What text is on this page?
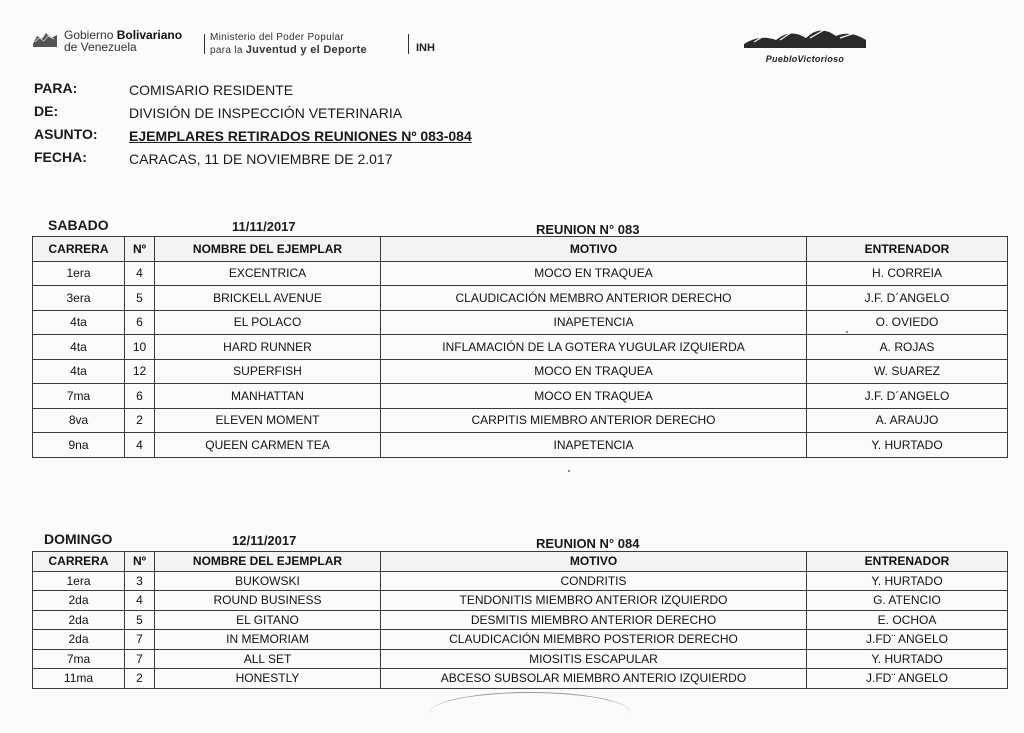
Gobierno Bolivariano
de Venezuela
Ministerio del Poder Popular
para la Juventud y el Deporte	INH
PuebloVictorioso
PARA:	COMISARIO RESIDENTE
DE:	DIVISIÓN DE INSPECCIÓN VETERINARIA
ASUNTO:	EJEMPLARES RETIRADOS REUNIONES Nº 083-084
FECHA:	CARACAS, 11 DE NOVIEMBRE DE 2.017
SABADO	11/11/2017	REUNION N° 083
CARRERA	Nº	NOMBRE DEL EJEMPLAR	MOTIVO	ENTRENADOR
1era	4	EXCENTRICA	MOCO EN TRAQUEA	H. CORREIA
3era	5	BRICKELL AVENUE	CLAUDICACIÓN MEMBRO ANTERIOR DERECHO	J.F. D´ANGELO
4ta	6	EL POLACO	INAPETENCIA	O. OVIEDO
4ta	10	HARD RUNNER	INFLAMACIÓN DE LA GOTERA YUGULAR IZQUIERDA	A. ROJAS
4ta	12	SUPERFISH	MOCO EN TRAQUEA	W. SUAREZ
7ma	6	MANHATTAN	MOCO EN TRAQUEA	J.F. D´ANGELO
8va	2	ELEVEN MOMENT	CARPITIS MIEMBRO ANTERIOR DERECHO	A. ARAUJO
9na	4	QUEEN CARMEN TEA	INAPETENCIA	Y. HURTADO
DOMINGO	12/11/2017	REUNION N° 084
CARRERA	Nº	NOMBRE DEL EJEMPLAR	MOTIVO	ENTRENADOR
1era	3	BUKOWSKI	CONDRITIS	Y. HURTADO
2da	4	ROUND BUSINESS	TENDONITIS MIEMBRO ANTERIOR IZQUIERDO	G. ATENCIO
2da	5	EL GITANO	DESMITIS MIEMBRO ANTERIOR DERECHO	E. OCHOA
2da	7	IN MEMORIAM	CLAUDICACIÓN MIEMBRO POSTERIOR DERECHO	J.FD¨ ANGELO
7ma	7	ALL SET	MIOSITIS ESCAPULAR	Y. HURTADO
11ma	2	HONESTLY	ABCESO SUBSOLAR MIEMBRO ANTERIO IZQUIERDO	J.FD¨ ANGELO
